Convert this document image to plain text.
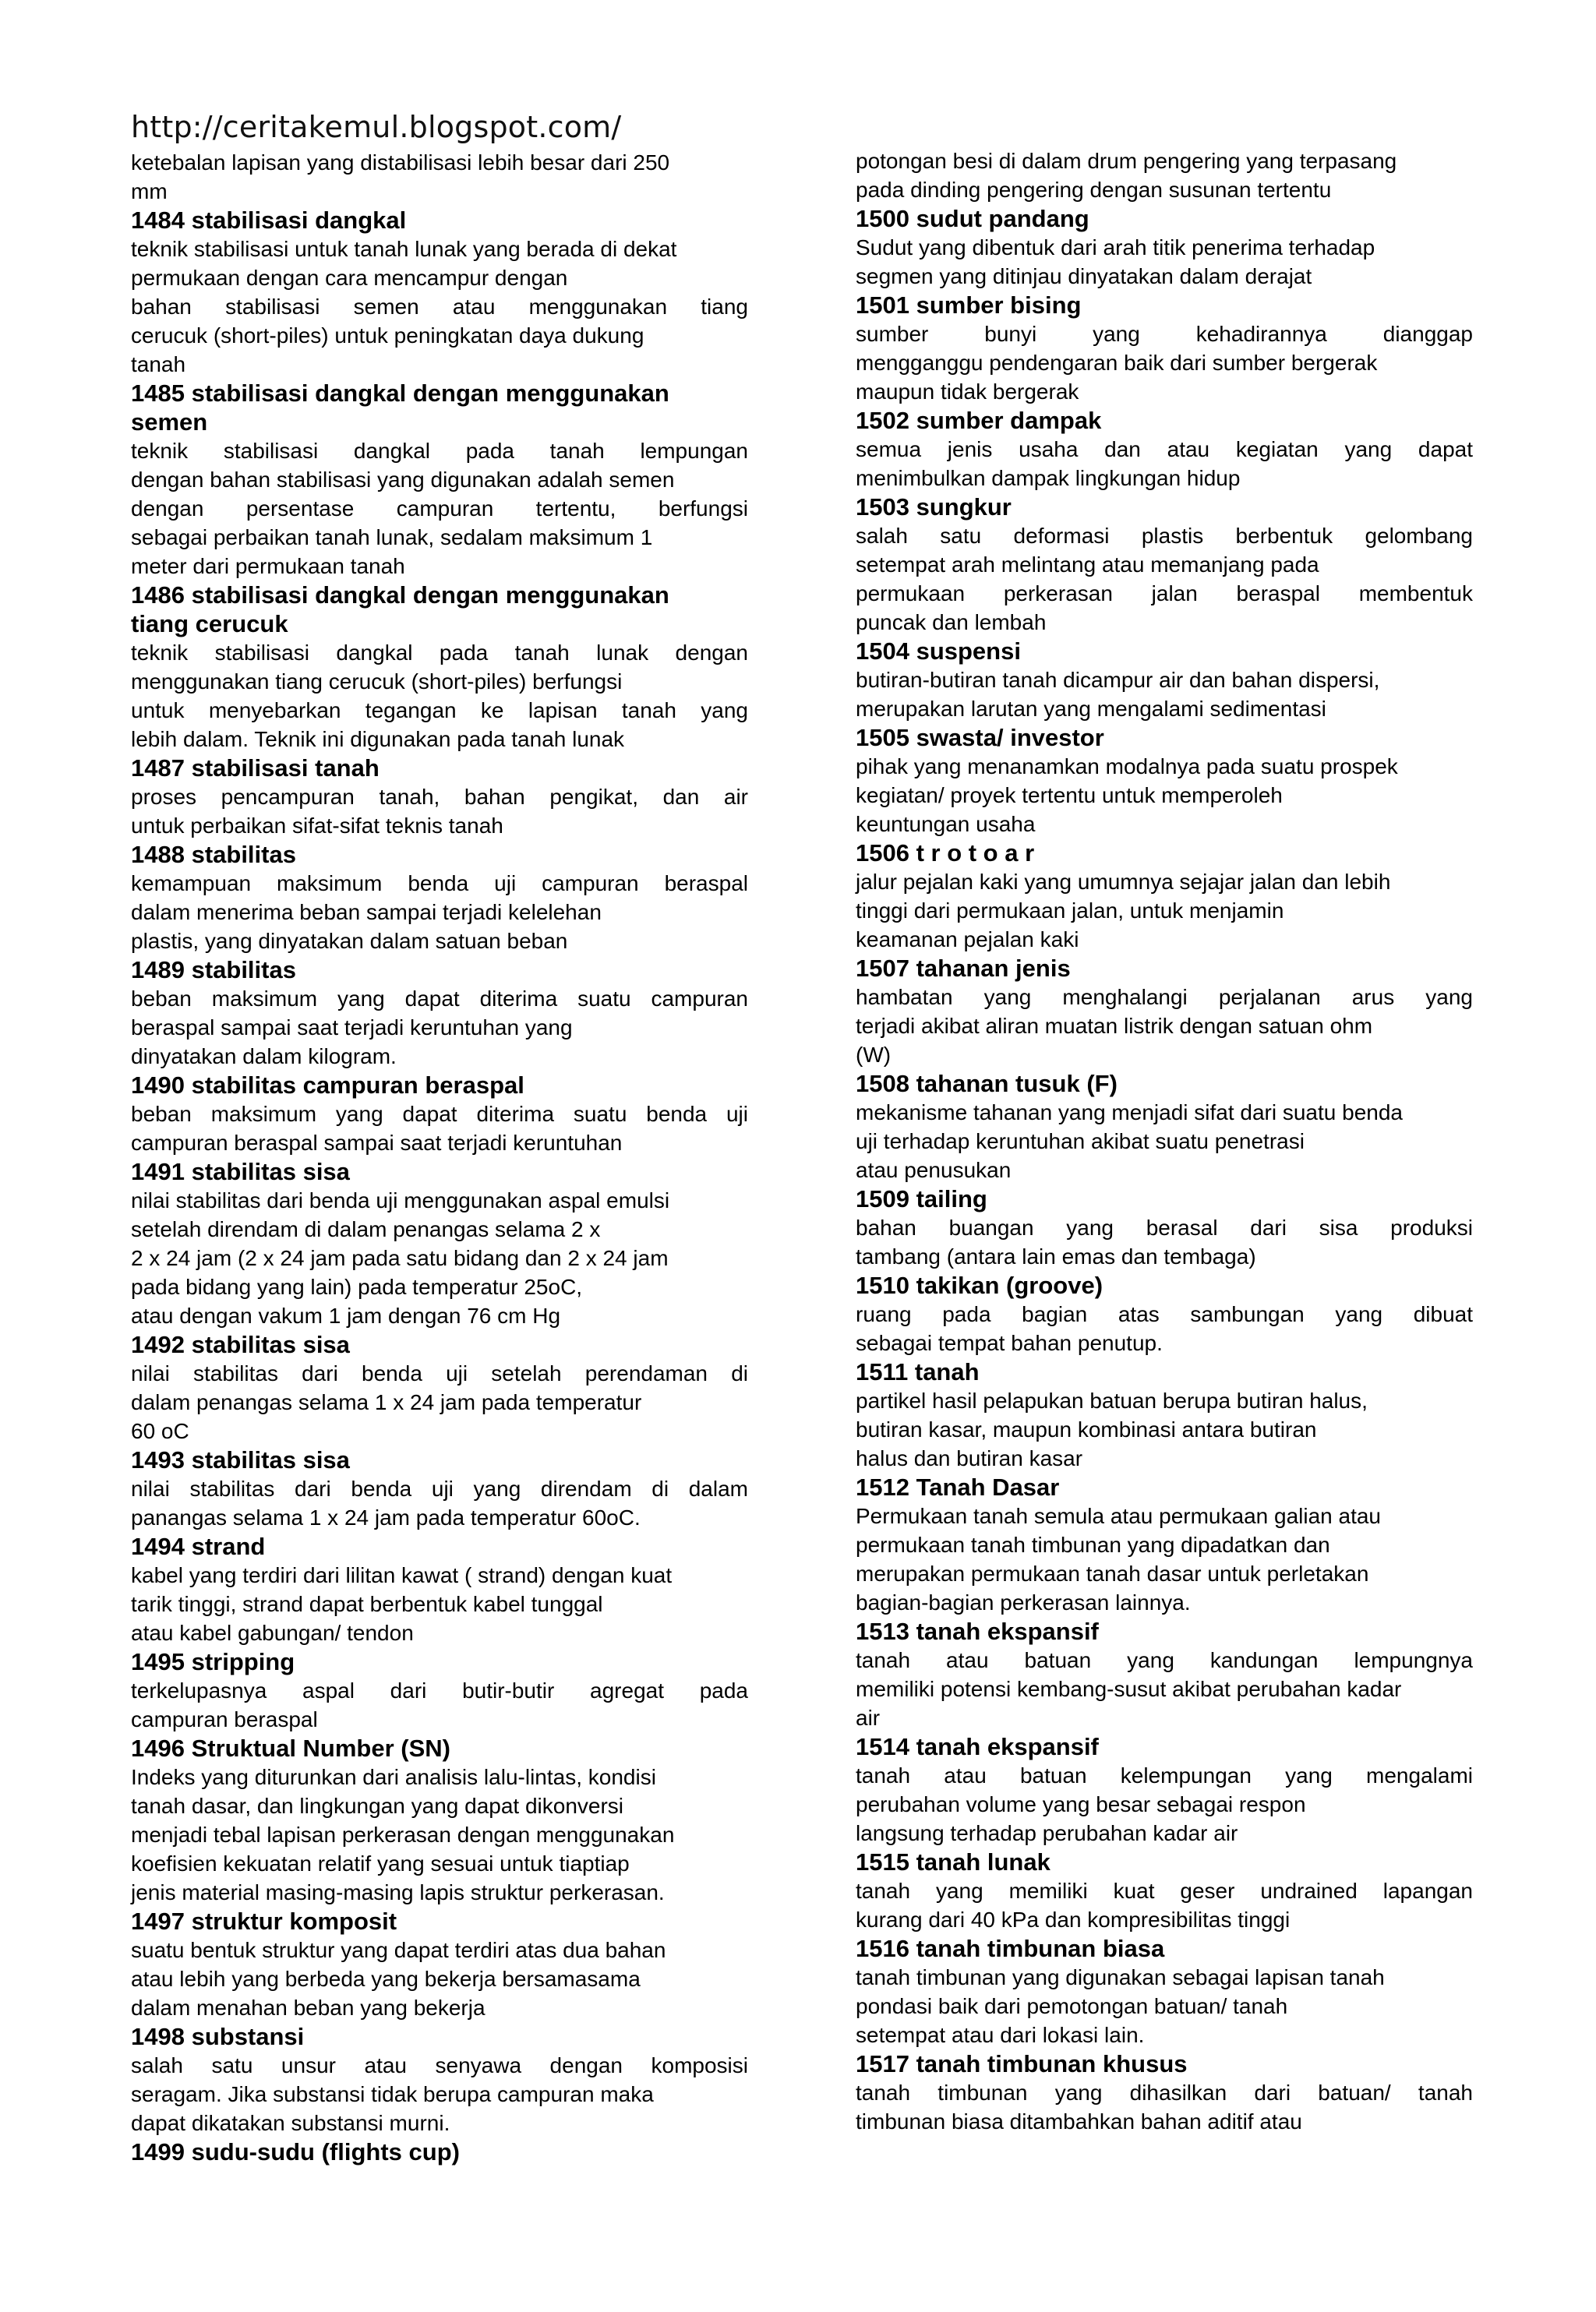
http://ceritakemul.blogspot.com/
ketebalan lapisan yang distabilisasi lebih besar dari 250
mm
1484 stabilisasi dangkal
teknik stabilisasi untuk tanah lunak yang berada di dekat
permukaan dengan cara mencampur dengan
bahan stabilisasi semen atau menggunakan tiang
cerucuk (short-piles) untuk peningkatan daya dukung
tanah
1485 stabilisasi dangkal dengan menggunakan
semen
teknik stabilisasi dangkal pada tanah lempungan
dengan bahan stabilisasi yang digunakan adalah semen
dengan persentase campuran tertentu, berfungsi
sebagai perbaikan tanah lunak, sedalam maksimum 1
meter dari permukaan tanah
1486 stabilisasi dangkal dengan menggunakan
tiang cerucuk
teknik stabilisasi dangkal pada tanah lunak dengan
menggunakan tiang cerucuk (short-piles) berfungsi
untuk menyebarkan tegangan ke lapisan tanah yang
lebih dalam. Teknik ini digunakan pada tanah lunak
1487 stabilisasi tanah
proses pencampuran tanah, bahan pengikat, dan air
untuk perbaikan sifat-sifat teknis tanah
1488 stabilitas
kemampuan maksimum benda uji campuran beraspal
dalam menerima beban sampai terjadi kelelehan
plastis, yang dinyatakan dalam satuan beban
1489 stabilitas
beban maksimum yang dapat diterima suatu campuran
beraspal sampai saat terjadi keruntuhan yang
dinyatakan dalam kilogram.
1490 stabilitas campuran beraspal
beban maksimum yang dapat diterima suatu benda uji
campuran beraspal sampai saat terjadi keruntuhan
1491 stabilitas sisa
nilai stabilitas dari benda uji menggunakan aspal emulsi
setelah direndam di dalam penangas selama 2 x
2 x 24 jam (2 x 24 jam pada satu bidang dan 2 x 24 jam
pada bidang yang lain) pada temperatur 25oC,
atau dengan vakum 1 jam dengan 76 cm Hg
1492 stabilitas sisa
nilai stabilitas dari benda uji setelah perendaman di
dalam penangas selama 1 x 24 jam pada temperatur
60 oC
1493 stabilitas sisa
nilai stabilitas dari benda uji yang direndam di dalam
panangas selama 1 x 24 jam pada temperatur 60oC.
1494 strand
kabel yang terdiri dari lilitan kawat ( strand) dengan kuat
tarik tinggi, strand dapat berbentuk kabel tunggal
atau kabel gabungan/ tendon
1495 stripping
terkelupasnya aspal dari butir-butir agregat pada
campuran beraspal
1496 Struktual Number (SN)
Indeks yang diturunkan dari analisis lalu-lintas, kondisi
tanah dasar, dan lingkungan yang dapat dikonversi
menjadi tebal lapisan perkerasan dengan menggunakan
koefisien kekuatan relatif yang sesuai untuk tiaptiap
jenis material masing-masing lapis struktur perkerasan.
1497 struktur komposit
suatu bentuk struktur yang dapat terdiri atas dua bahan
atau lebih yang berbeda yang bekerja bersamasama
dalam menahan beban yang bekerja
1498 substansi
salah satu unsur atau senyawa dengan komposisi
seragam. Jika substansi tidak berupa campuran maka
dapat dikatakan substansi murni.
1499 sudu-sudu (flights cup)
potongan besi di dalam drum pengering yang terpasang
pada dinding pengering dengan susunan tertentu
1500 sudut pandang
Sudut yang dibentuk dari arah titik penerima terhadap
segmen yang ditinjau dinyatakan dalam derajat
1501 sumber bising
sumber bunyi yang kehadirannya dianggap
mengganggu pendengaran baik dari sumber bergerak
maupun tidak bergerak
1502 sumber dampak
semua jenis usaha dan atau kegiatan yang dapat
menimbulkan dampak lingkungan hidup
1503 sungkur
salah satu deformasi plastis berbentuk gelombang
setempat arah melintang atau memanjang pada
permukaan perkerasan jalan beraspal membentuk
puncak dan lembah
1504 suspensi
butiran-butiran tanah dicampur air dan bahan dispersi,
merupakan larutan yang mengalami sedimentasi
1505 swasta/ investor
pihak yang menanamkan modalnya pada suatu prospek
kegiatan/ proyek tertentu untuk memperoleh
keuntungan usaha
1506 t r o t o a r
jalur pejalan kaki yang umumnya sejajar jalan dan lebih
tinggi dari permukaan jalan, untuk menjamin
keamanan pejalan kaki
1507 tahanan jenis
hambatan yang menghalangi perjalanan arus yang
terjadi akibat aliran muatan listrik dengan satuan ohm
(W)
1508 tahanan tusuk (F)
mekanisme tahanan yang menjadi sifat dari suatu benda
uji terhadap keruntuhan akibat suatu penetrasi
atau penusukan
1509 tailing
bahan buangan yang berasal dari sisa produksi
tambang (antara lain emas dan tembaga)
1510 takikan (groove)
ruang pada bagian atas sambungan yang dibuat
sebagai tempat bahan penutup.
1511 tanah
partikel hasil pelapukan batuan berupa butiran halus,
butiran kasar, maupun kombinasi antara butiran
halus dan butiran kasar
1512 Tanah Dasar
Permukaan tanah semula atau permukaan galian atau
permukaan tanah timbunan yang dipadatkan dan
merupakan permukaan tanah dasar untuk perletakan
bagian-bagian perkerasan lainnya.
1513 tanah ekspansif
tanah atau batuan yang kandungan lempungnya
memiliki potensi kembang-susut akibat perubahan kadar
air
1514 tanah ekspansif
tanah atau batuan kelempungan yang mengalami
perubahan volume yang besar sebagai respon
langsung terhadap perubahan kadar air
1515 tanah lunak
tanah yang memiliki kuat geser undrained lapangan
kurang dari 40 kPa dan kompresibilitas tinggi
1516 tanah timbunan biasa
tanah timbunan yang digunakan sebagai lapisan tanah
pondasi baik dari pemotongan batuan/ tanah
setempat atau dari lokasi lain.
1517 tanah timbunan khusus
tanah timbunan yang dihasilkan dari batuan/ tanah
timbunan biasa ditambahkan bahan aditif atau
